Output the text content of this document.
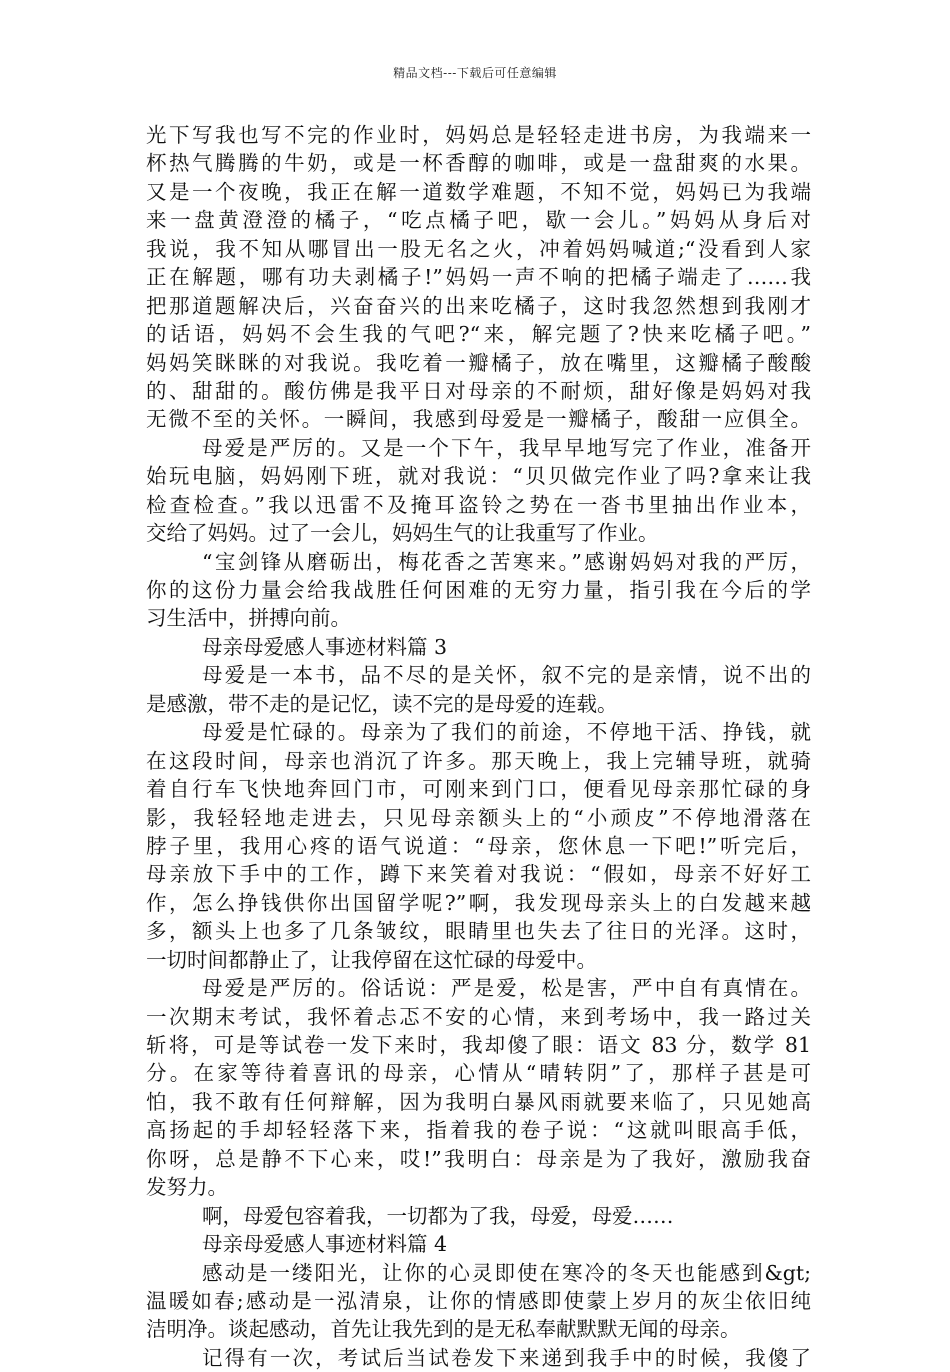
精品文档---下载后可任意编辑
光下写我也写不完的作业时，妈妈总是轻轻走进书房，为我端来一
杯热气腾腾的牛奶，或是一杯香醇的咖啡，或是一盘甜爽的水果。
又是一个夜晚，我正在解一道数学难题，不知不觉，妈妈已为我端
来一盘黄澄澄的橘子，“吃点橘子吧，歇一会儿。”妈妈从身后对
我说，我不知从哪冒出一股无名之火，冲着妈妈喊道;“没看到人家
正在解题，哪有功夫剥橘子!”妈妈一声不响的把橘子端走了……我
把那道题解决后，兴奋奋兴的出来吃橘子，这时我忽然想到我刚才
的话语，妈妈不会生我的气吧?“来，解完题了?快来吃橘子吧。”
妈妈笑眯眯的对我说。我吃着一瓣橘子，放在嘴里，这瓣橘子酸酸
的、甜甜的。酸仿佛是我平日对母亲的不耐烦，甜好像是妈妈对我
无微不至的关怀。一瞬间，我感到母爱是一瓣橘子，酸甜一应俱全。
母爱是严厉的。又是一个下午，我早早地写完了作业，准备开
始玩电脑，妈妈刚下班，就对我说：“贝贝做完作业了吗?拿来让我
检查检查。”我以迅雷不及掩耳盗铃之势在一沓书里抽出作业本，
交给了妈妈。过了一会儿，妈妈生气的让我重写了作业。
“宝剑锋从磨砺出，梅花香之苦寒来。”感谢妈妈对我的严厉，
你的这份力量会给我战胜任何困难的无穷力量，指引我在今后的学
习生活中，拼搏向前。
母亲母爱感人事迹材料篇 3
母爱是一本书，品不尽的是关怀，叙不完的是亲情，说不出的
是感激，带不走的是记忆，读不完的是母爱的连载。
母爱是忙碌的。母亲为了我们的前途，不停地干活、挣钱，就
在这段时间，母亲也消沉了许多。那天晚上，我上完辅导班，就骑
着自行车飞快地奔回门市，可刚来到门口，便看见母亲那忙碌的身
影，我轻轻地走进去，只见母亲额头上的“小顽皮”不停地滑落在
脖子里，我用心疼的语气说道：“母亲，您休息一下吧!”听完后，
母亲放下手中的工作，蹲下来笑着对我说：“假如，母亲不好好工
作，怎么挣钱供你出国留学呢?”啊，我发现母亲头上的白发越来越
多，额头上也多了几条皱纹，眼睛里也失去了往日的光泽。这时，
一切时间都静止了，让我停留在这忙碌的母爱中。
母爱是严厉的。俗话说：严是爱，松是害，严中自有真情在。
一次期末考试，我怀着忐忑不安的心情，来到考场中，我一路过关
斩将，可是等试卷一发下来时，我却傻了眼：语文 83 分，数学 81
分。在家等待着喜讯的母亲，心情从“晴转阴”了，那样子甚是可
怕，我不敢有任何辩解，因为我明白暴风雨就要来临了，只见她高
高扬起的手却轻轻落下来，指着我的卷子说：“这就叫眼高手低，
你呀，总是静不下心来，哎!”我明白：母亲是为了我好，激励我奋
发努力。
啊，母爱包容着我，一切都为了我，母爱，母爱……
母亲母爱感人事迹材料篇 4
感动是一缕阳光，让你的心灵即使在寒冷的冬天也能感到&gt;
温暖如春;感动是一泓清泉，让你的情感即使蒙上岁月的灰尘依旧纯
洁明净。谈起感动，首先让我先到的是无私奉献默默无闻的母亲。
记得有一次，考试后当试卷发下来递到我手中的时候，我傻了
